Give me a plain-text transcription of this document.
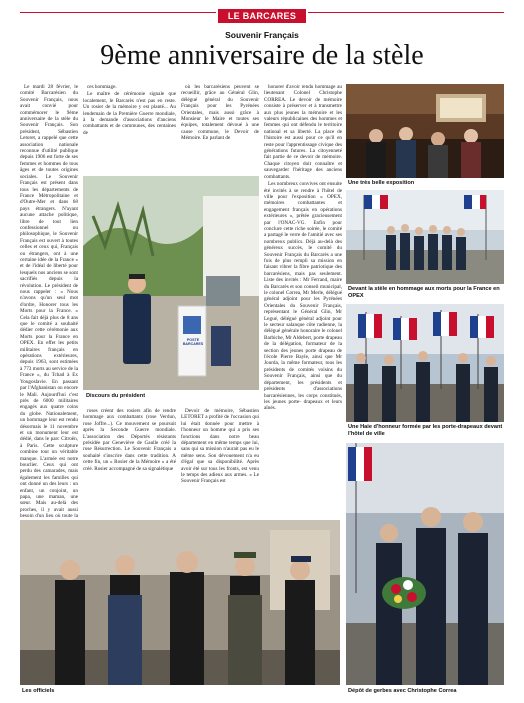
LE BARCARES
Souvenir Français
9ème anniversaire de la stèle

Le mardi 28 février, le comité Barcarésien du Souvenir Français, nous avait convié pour commémorer le 9ème anniversaire de la stèle du Souvenir Français. Son président, Sébastien Letoret, a rappelé que cette association nationale reconnue d'utilité publique depuis 1906 est forte de ses femmes et hommes de tous âges et de toutes origines sociales. Le Souvenir Français est présent dans tous les départements de France Métropolitaine et d'Outre-Mer et dans 68 pays étrangers. N'ayant aucune attache politique, libre de tout lien confessionnel ou philosophique, le Souvenir Français est ouvert à toutes celles et ceux qui, Français ou étrangers, ont à une certaine idée de la France « et de l'idéal de liberté pour lesquels nos anciens se sont sacrifiés depuis la révolution. Le président de nous rappeler : « Nous n'avons qu'un seul mot d'ordre, Honorer tous les Morts pour la France. » Cela fait déjà plus de 8 ans que le comité a souhaité dédier cette cérémonie aux Morts pour la France en OPEX. En effet les petits militaires français en opérations extérieures, depuis 1963, sont estimées à 773 morts au service de la France », du Tchad à Ex Yougoslavie. En passant par l'Afghanistan ou encore le Mali. Aujourd'hui c'est près de 6000 militaires engagés aux quatre coins du globe. Nationalement, un hommage leur est rendu désormais le 11 novembre et un monument leur est dédié, dans le parc Citroën, à Paris. Cette sculpture combine tout un véritable manque. L'armée est notre bouclier. Ceux qui ont perdu des camarades, mais également les familles qui ont donné un des leurs : un enfant, un conjoint, un papa, une maman, une sœur. Mais au-delà des proches, il y avait aussi besoin d'un lieu où toute la

ces hommage.

Le maître de cérémonie signale que localement, le Barcarès n'est pas en reste. Un rosier de la mémoire y est planté... Au lendemain de la Première Guerre mondiale, à la demande d'associations d'anciens combattants et de communes, des centaines de

où les barcarésiens peuvent se recueillir, grâce au Général Glin, délégué général du Souvenir Français pour les Pyrénées Orientales, mais aussi grâce à Monsieur le Maire et toutes ses équipes, totalement dévoué à une cause commune, le Devoir de Mémoire. En parlant de

honorer d'avoir rendu hommage au lieutenant Colonel Christophe CORREA. Le devoir de mémoire consiste à préserver et à transmettre aux plus jeunes la mémoire et les valeurs républicaines des hommes et femmes qui ont défendu le territoire national et sa liberté. La place de l'histoire est aussi pour ce qu'il en reste pour l'apprentissage civique des générations futures. La citoyenneté fait partie de ce devoir de mémoire. Chaque citoyen doit connaître et sauvegarder l'héritage des anciens combattants.

Les nombreux convives ont ensuite été invités à se rendre à l'hôtel de ville pour l'exposition « OPEX, mémoires combattantes et engagement français en opérations extérieures », prêtée gracieusement par l'ONAC-VG. Enfin pour conclure cette riche soirée, le comité a partagé le verre de l'amitié avec ses nombreux publics. Déjà au-delà des généreux succès, le comité du Souvenir Français du Barcarès a une fois de plus rempli sa mission en faisant vibrer la fibre patriotique des barcarésiens, mais pas seulement. Liste des invités : Mr Ferrand, maire du Barcarès et son conseil municipal, le colonel Correa, Mr Merle, délégué général adjoint pour les Pyrénées Orientales du Souvenir Français, représentant le Général Glin, Mr Legué, délégué général adjoint pour le secteur salanque côte radienne, la délégué générale honoraire le colonel Barbiche, Mr Aldebert, porte drapeau de la délégation, formateur de la section des jeunes porte drapeau de l'école Pierre Bayle, ainsi que Mr Jourda, la même formateur, tous les présidents de comités voisins du Souvenir Français, ainsi que du département, les présidents et présidents d'associations barcarésiennes, les corps constitués, les jeunes porte- drapeaux et leurs aînés.

roses créent des rosiers afin de rendre hommage aux combattants (rose Verdun, rose Joffre...). Ce mouvement se poursuit après la Seconde Guerre mondiale. L'association des Déportés résistants présidée par Geneviève de Gaulle créé la rose Résurrection. Le Souvenir Français a souhaité s'inscrire dans cette tradition. A cette fin, un « Rosier de la Mémoire » a été créé. Rosier accompagné de sa signalétique

Devoir de mémoire, Sébastien LETORET a profité de l'occasion qui lui était donnée pour mettre à l'honneur un homme qui a pris ses fonctions dans notre beau département en même temps que lui, sans qui sa mission n'aurait pas eu le même sens. Son dévouement n'a eu d'égal que sa disponibilité. Après avoir été sur tous les fronts, est venu le temps des adieux aux armes. « Le Souvenir Français est

POSTE
BARCARES
Discours du président
Une très belle exposition
Devant la stèle en hommage aux morts pour la France en OPEX
Une Haie d'honneur formée par les porte-drapeaux devant l'hôtel de ville
Les officiels	Dépôt de gerbes avec Christophe Correa
